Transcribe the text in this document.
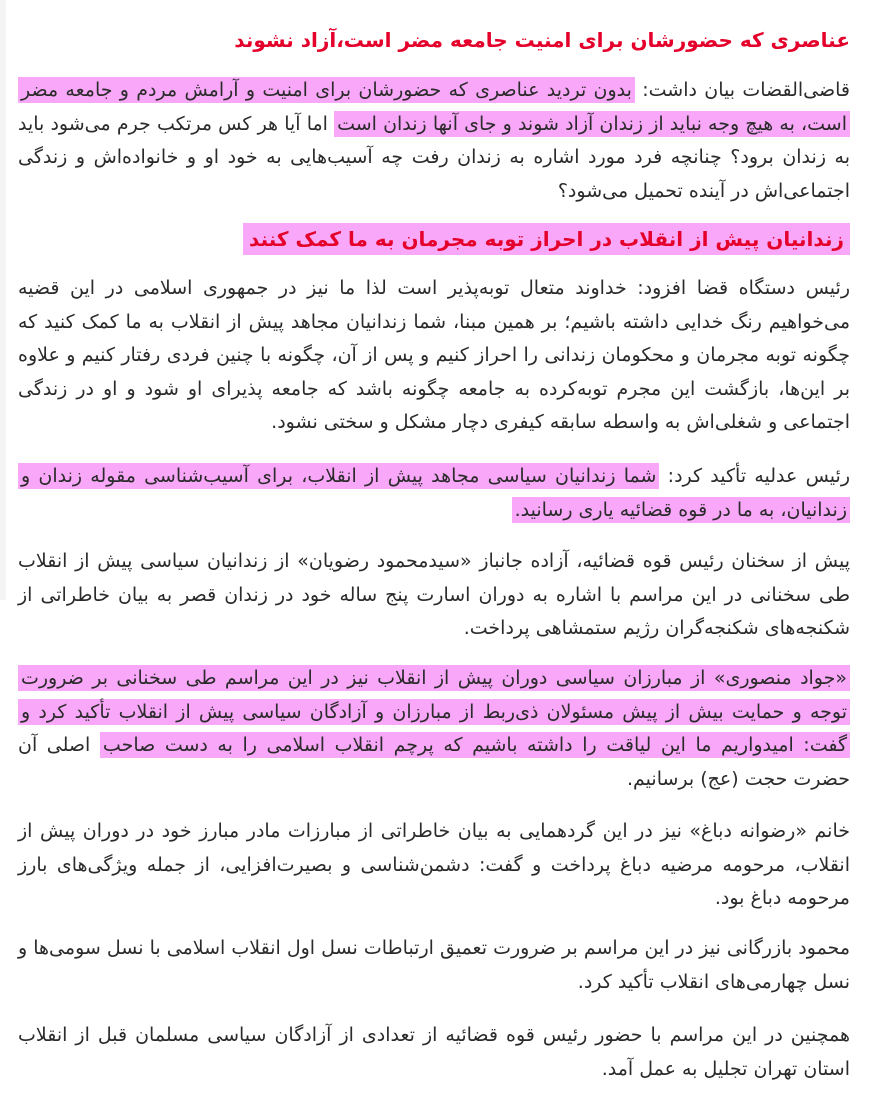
عناصری که حضورشان برای امنیت جامعه مضر است،آزاد نشوند

قاضی‌القضات بیان داشت: بدون تردید عناصری که حضورشان برای امنیت و آرامش مردم و جامعه مضر است، به هیچ وجه نباید از زندان آزاد شوند و جای آنها زندان است اما آیا هر کس مرتکب جرم می‌شود باید به زندان برود؟ چنانچه فرد مورد اشاره به زندان رفت چه آسیب‌هایی به خود او و خانواده‌اش و زندگی اجتماعی‌اش در آینده تحمیل می‌شود؟

زندانیان پیش از انقلاب در احراز توبه مجرمان به ما کمک کنند

رئیس دستگاه قضا افزود: خداوند متعال توبه‌پذیر است لذا ما نیز در جمهوری اسلامی در این قضیه می‌خواهیم رنگ خدایی داشته باشیم؛ بر همین مبنا، شما زندانیان مجاهد پیش از انقلاب به ما کمک کنید که چگونه توبه مجرمان و محکومان زندانی را احراز کنیم و پس از آن، چگونه با چنین فردی رفتار کنیم و علاوه بر این‌ها، بازگشت این مجرم توبه‌کرده به جامعه چگونه باشد که جامعه پذیرای او شود و او در زندگی اجتماعی و شغلی‌اش به واسطه سابقه کیفری دچار مشکل و سختی نشود.

رئیس عدلیه تأکید کرد: شما زندانیان سیاسی مجاهد پیش از انقلاب، برای آسیب‌شناسی مقوله زندان و زندانیان، به ما در قوه قضائیه یاری رسانید.

پیش از سخنان رئیس قوه قضائیه، آزاده جانباز «سیدمحمود رضویان» از زندانیان سیاسی پیش از انقلاب طی سخنانی در این مراسم با اشاره به دوران اسارت پنج ساله خود در زندان قصر به بیان خاطراتی از شکنجه‌های شکنجه‌گران رژیم ستمشاهی پرداخت.

«جواد منصوری» از مبارزان سیاسی دوران پیش از انقلاب نیز در این مراسم طی سخنانی بر ضرورت توجه و حمایت بیش از پیش مسئولان ذی‌ربط از مبارزان و آزادگان سیاسی پیش از انقلاب تأکید کرد و گفت: امیدواریم ما این لیاقت را داشته باشیم که پرچم انقلاب اسلامی را به دست صاحب اصلی آن حضرت حجت (عج) برسانیم.

خانم «رضوانه دباغ» نیز در این گردهمایی به بیان خاطراتی از مبارزات مادر مبارز خود در دوران پیش از انقلاب، مرحومه مرضیه دباغ پرداخت و گفت: دشمن‌شناسی و بصیرت‌افزایی، از جمله ویژگی‌های بارز مرحومه دباغ بود.

محمود بازرگانی نیز در این مراسم بر ضرورت تعمیق ارتباطات نسل اول انقلاب اسلامی با نسل سومی‌ها و نسل چهارمی‌های انقلاب تأکید کرد.

همچنین در این مراسم با حضور رئیس قوه قضائیه از تعدادی از آزادگان سیاسی مسلمان قبل از انقلاب استان تهران تجلیل به عمل آمد.
